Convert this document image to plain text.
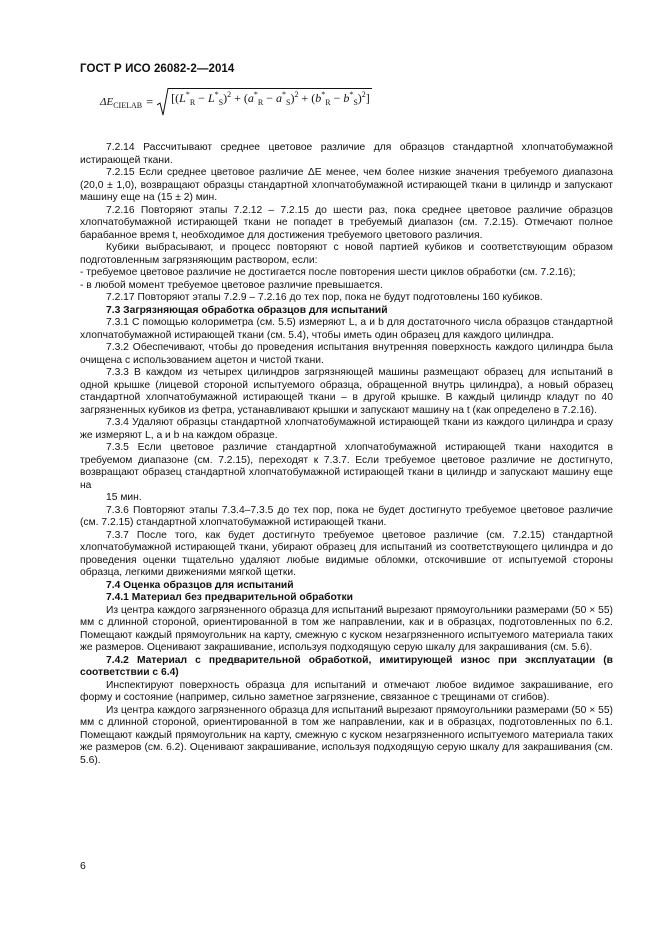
ГОСТ Р ИСО 26082-2—2014
$\Delta E_{CIELAB} = [(L^*_R - L^*_S)^2 + (a^*_R - a^*_S)^2 + (b^*_R - b^*_S)^2]$

7.2.14 Рассчитывают среднее цветовое различие для образцов стандартной хлопчатобумажной истирающей ткани.

7.2.15 Если среднее цветовое различие ΔE менее, чем более низкие значения требуемого диапазона (20,0 ± 1,0), возвращают образцы стандартной хлопчатобумажной истирающей ткани в цилиндр и запускают машину еще на (15 ± 2) мин.

7.2.16 Повторяют этапы 7.2.12 – 7.2.15 до шести раз, пока среднее цветовое различие образцов хлопчатобумажной истирающей ткани не попадет в требуемый диапазон (см. 7.2.15). Отмечают полное барабанное время t, необходимое для достижения требуемого цветового различия.

Кубики выбрасывают, и процесс повторяют с новой партией кубиков и соответствующим образом подготовленным загрязняющим раствором, если:

- требуемое цветовое различие не достигается после повторения шести циклов обработки (см. 7.2.16);

- в любой момент требуемое цветовое различие превышается.

7.2.17 Повторяют этапы 7.2.9 – 7.2.16 до тех пор, пока не будут подготовлены 160 кубиков.

7.3 Загрязняющая обработка образцов для испытаний

7.3.1 С помощью колориметра (см. 5.5) измеряют L, a и b для достаточного числа образцов стандартной хлопчатобумажной истирающей ткани (см. 5.4), чтобы иметь один образец для каждого цилиндра.

7.3.2 Обеспечивают, чтобы до проведения испытания внутренняя поверхность каждого цилиндра была очищена с использованием ацетон и чистой ткани.

7.3.3 В каждом из четырех цилиндров загрязняющей машины размещают образец для испытаний в одной крышке (лицевой стороной испытуемого образца, обращенной внутрь цилиндра), а новый образец стандартной хлопчатобумажной истирающей ткани – в другой крышке. В каждый цилиндр кладут по 40 загрязненных кубиков из фетра, устанавливают крышки и запускают машину на t (как определено в 7.2.16).

7.3.4 Удаляют образцы стандартной хлопчатобумажной истирающей ткани из каждого цилиндра и сразу же измеряют L, a и b на каждом образце.

7.3.5 Если цветовое различие стандартной хлопчатобумажной истирающей ткани находится в требуемом диапазоне (см. 7.2.15), переходят к 7.3.7. Если требуемое цветовое различие не достигнуто, возвращают образец стандартной хлопчатобумажной истирающей ткани в цилиндр и запускают машину еще на

15 мин.

7.3.6 Повторяют этапы 7.3.4–7.3.5 до тех пор, пока не будет достигнуто требуемое цветовое различие (см. 7.2.15) стандартной хлопчатобумажной истирающей ткани.

7.3.7 После того, как будет достигнуто требуемое цветовое различие (см. 7.2.15) стандартной хлопчатобумажной истирающей ткани, убирают образец для испытаний из соответствующего цилиндра и до проведения оценки тщательно удаляют любые видимые обломки, отскочившие от испытуемой стороны образца, легкими движениями мягкой щетки.

7.4 Оценка образцов для испытаний

7.4.1 Материал без предварительной обработки

Из центра каждого загрязненного образца для испытаний вырезают прямоугольники размерами (50 × 55) мм с длинной стороной, ориентированной в том же направлении, как и в образцах, подготовленных по 6.2. Помещают каждый прямоугольник на карту, смежную с куском незагрязненного испытуемого материала таких же размеров. Оценивают закрашивание, используя подходящую серую шкалу для закрашивания (см. 5.6).

7.4.2 Материал с предварительной обработкой, имитирующей износ при эксплуатации (в соответствии с 6.4)

Инспектируют поверхность образца для испытаний и отмечают любое видимое закрашивание, его форму и состояние (например, сильно заметное загрязнение, связанное с трещинами от сгибов).

Из центра каждого загрязненного образца для испытаний вырезают прямоугольники размерами (50 × 55) мм с длинной стороной, ориентированной в том же направлении, как и в образцах, подготовленных по 6.1. Помещают каждый прямоугольник на карту, смежную с куском незагрязненного испытуемого материала таких же размеров (см. 6.2). Оценивают закрашивание, используя подходящую серую шкалу для закрашивания (см. 5.6).

6
